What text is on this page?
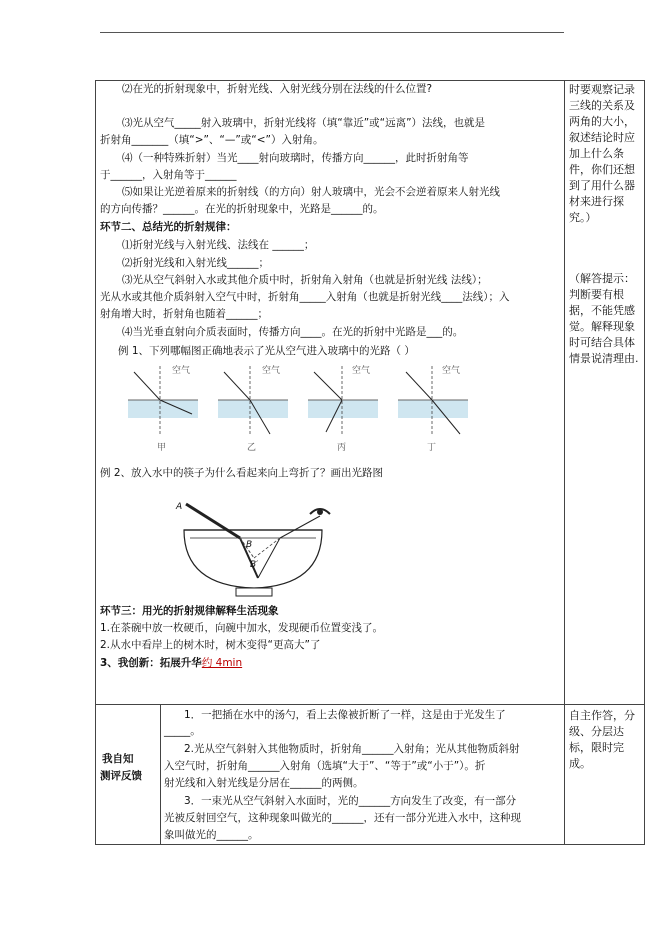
⑵在光的折射现象中，折射光线、入射光线分别在法线的什么位置?
⑶光从空气_____射入玻璃中，折射光线将（填“靠近”或“远离”）法线，也就是
折射角_______（填“>”、“—”或“<”）入射角。
⑷（一种特殊折射）当光____射向玻璃时，传播方向______，此时折射角等
于______，入射角等于______
⑸如果让光逆着原来的折射线（的方向）射人玻璃中，光会不会逆着原来人射光线
的方向传播？______。在光的折射现象中，光路是______的。
环节二、总结光的折射规律：
⑴折射光线与入射光线、法线在 ______；
⑵折射光线和入射光线______；
⑶光从空气斜射入水或其他介质中时，折射角入射角（也就是折射光线 法线）；
光从水或其他介质斜射入空气中时，折射角_____入射角（也就是折射光线____法线）；入
射角增大时，折射角也随着______；
⑷当光垂直射向介质表面时，传播方向____。在光的折射中光路是___的。
例 1、下列哪幅图正确地表示了光从空气进入玻璃中的光路（ ）
空气	空气	空气	空气
甲	乙	丙	丁
例 2、放入水中的筷子为什么看起来向上弯折了？画出光路图
A
B
B′
环节三：用光的折射规律解释生活现象
1.在茶碗中放一枚硬币，向碗中加水，发现硬币位置变浅了。
2.从水中看岸上的树木时，树木变得“更高大”了
3、我创新：拓展升华约 4min
时要观察记录三线的关系及两角的大小，叙述结论时应加上什么条件，你们还想到了用什么器材来进行探究。）
（解答提示：判断要有根据，不能凭感觉。解释现象时可结合具体情景说清理由.
我自知
测评反馈
1．一把插在水中的汤勺，看上去像被折断了一样，这是由于光发生了
_____。
2.光从空气斜射入其他物质时，折射角______入射角；光从其他物质斜射
入空气时，折射角______入射角（选填“大于”、“等于”或“小于”）。折
射光线和入射光线是分居在______的两侧。
3．一束光从空气斜射入水面时，光的______方向发生了改变，有一部分
光被反射回空气，这种现象叫做光的______，还有一部分光进入水中，这种现
象叫做光的______。
自主作答，分级、分层达标，限时完成。
